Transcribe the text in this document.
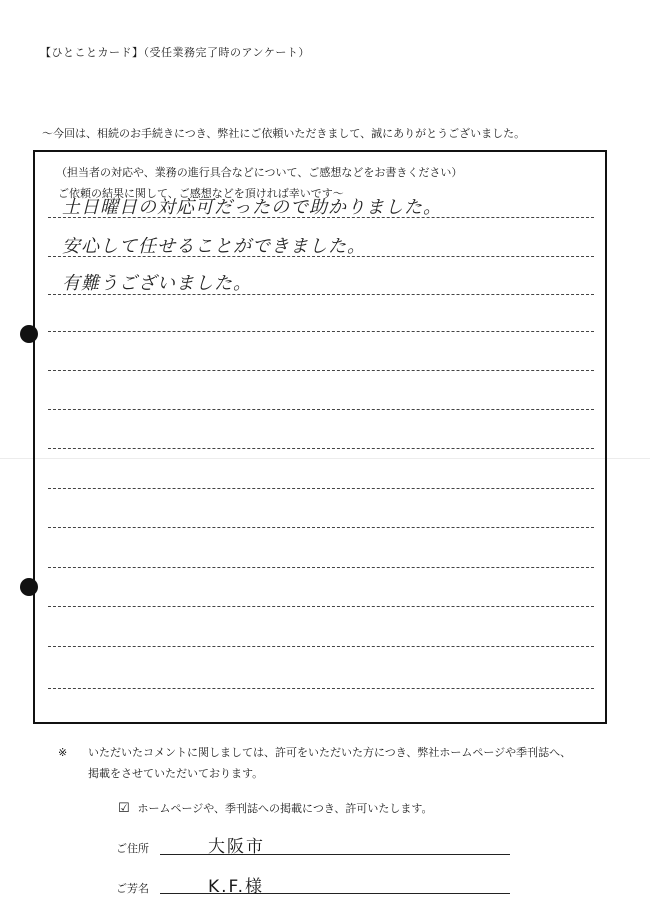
【ひとことカード】（受任業務完了時のアンケート）

～今回は、相続のお手続きにつき、弊社にご依頼いただきまして、誠にありがとうございました。

ご依頼の結果に関して、ご感想などを頂ければ幸いです～

（担当者の対応や、業務の進行具合などについて、ご感想などをお書きください）
土日曜日の対応可だったので助かりました。
安心して任せることができました。
有難うございました。
※ いただいたコメントに関しましては、許可をいただいた方につき、弊社ホームページや季刊誌へ、
掲載をさせていただいております。
☑ ホームページや、季刊誌への掲載につき、許可いたします。
ご住所	大阪市
ご芳名	K.F.様
